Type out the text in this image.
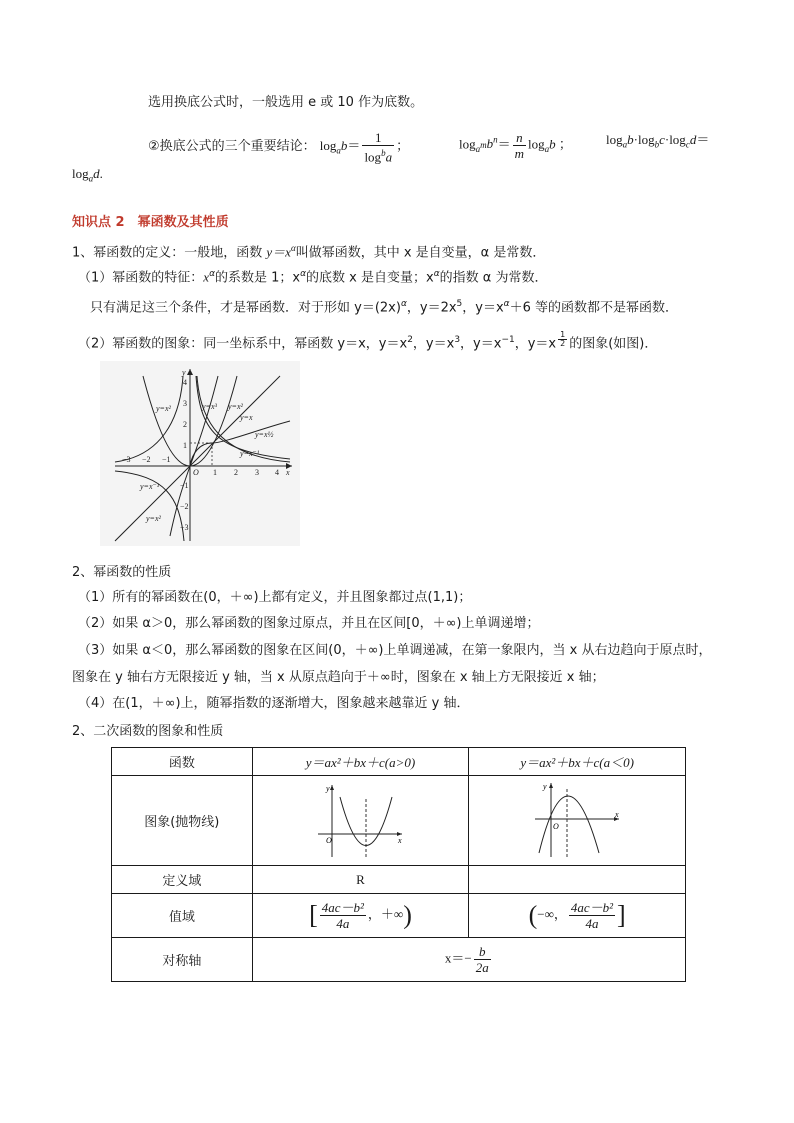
选用换底公式时，一般选用 e 或 10 作为底数。
②换底公式的三个重要结论： $\log_ab= \frac{1}{\log^ba}$ ；	$\log_{a^m}b^n= \frac{n}{m} \log_ab$ ；	$\log_ab\cdot\log_bc\cdot\log_cd=$
$\log_ad$.
知识点 2　幂函数及其性质
1、幂函数的定义：一般地，函数 $y=x^\alpha$叫做幂函数，其中 x 是自变量，α 是常数．
（1）幂函数的特征：$x^\alpha$的系数是 1；$x^\alpha$的底数 x 是自变量；$x^\alpha$的指数 α 为常数．
只有满足这三个条件，才是幂函数．对于形如 $y=(2x)^\alpha$，$y=2x^5$，$y=x^\alpha+6$ 等的函数都不是幂函数．
（2）幂函数的图象：同一坐标系中，幂函数 y＝x，$y=x^2$，$y=x^3$，$y=x^{-1}$，y＝x $^{\frac{1}{2}}$ 的图象(如图)．
y=x²	y=x³ y=x²
y=x
y=x½
y=x⁻¹
y=x⁻¹
y=x²
−3 −2 −1
O 1 2 3 4 x
y
4
3
2
1
−1
−2
−3
2、幂函数的性质
（1）所有的幂函数在(0，＋∞)上都有定义，并且图象都过点(1,1)；
（2）如果 α＞0，那么幂函数的图象过原点，并且在区间[0，＋∞)上单调递增；
（3）如果 α＜0，那么幂函数的图象在区间(0，＋∞)上单调递减，在第一象限内，当 x 从右边趋向于原点时，
图象在 y 轴右方无限接近 y 轴，当 x 从原点趋向于＋∞时，图象在 x 轴上方无限接近 x 轴；
（4）在(1，＋∞)上，随幂指数的逐渐增大，图象越来越靠近 y 轴．
2、二次函数的图象和性质
函数	y＝ax²＋bx＋c(a>0)	y＝ax²＋bx＋c(a＜0)
图象(抛物线)	O x
y	O
x
y

定义域	R	
值域	[ $\frac{\text{4ac－b²}}{4a}$ ，＋∞)	(−∞， $\frac{\text{4ac－b²}}{4a}$ ]
对称轴	$x=- \frac{b}{2a}$
